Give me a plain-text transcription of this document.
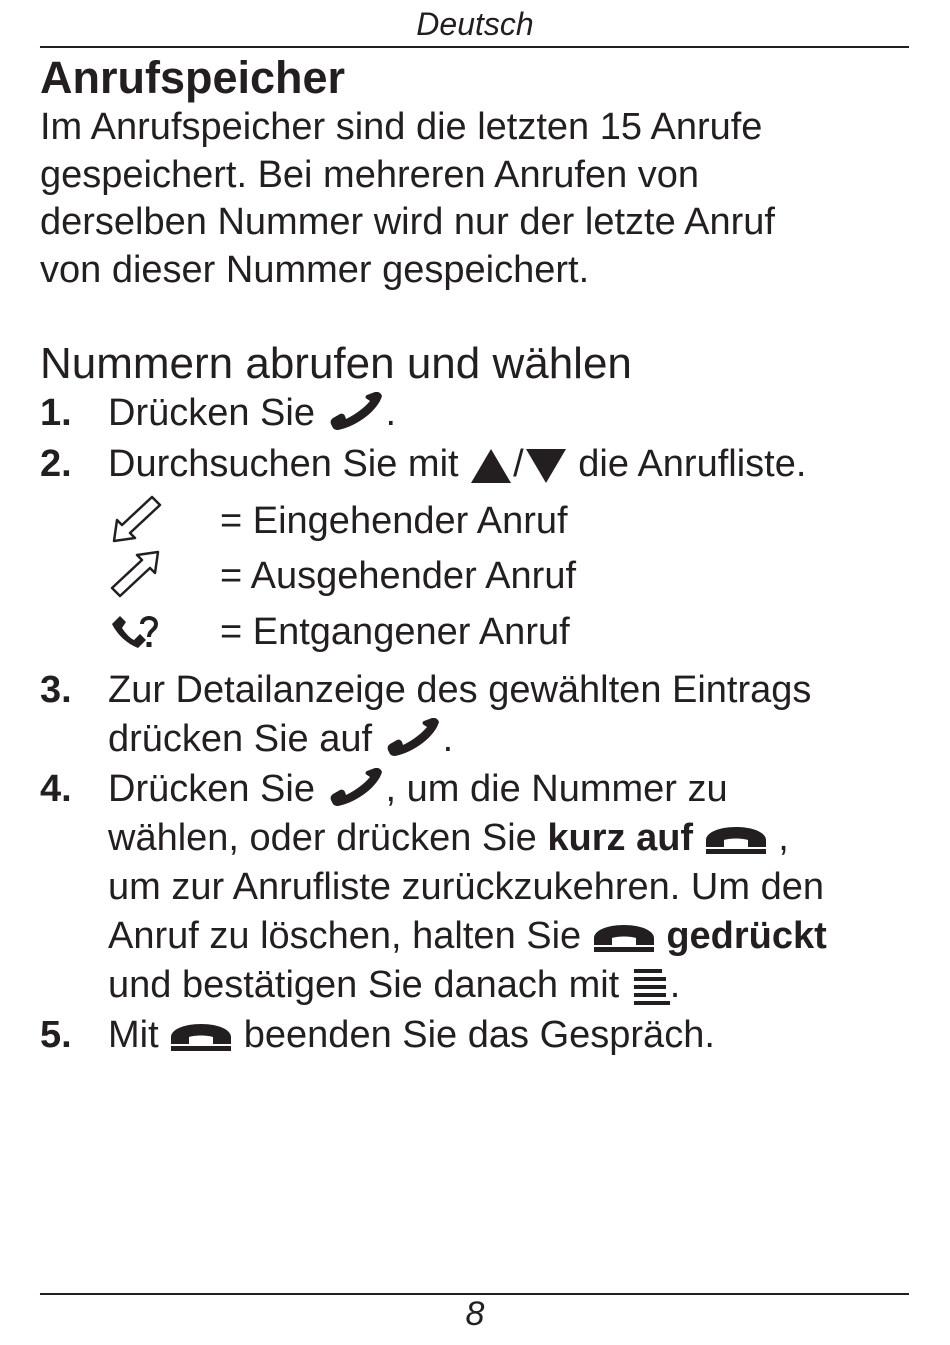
Deutsch
Anrufspeicher

Im Anrufspeicher sind die letzten 15 Anrufe
gespeichert. Bei mehreren Anrufen von
derselben Nummer wird nur der letzte Anruf
von dieser Nummer gespeichert.

Nummern abrufen und wählen
1. Drücken Sie .
2. Durchsuchen Sie mit / die Anrufliste.
= Eingehender Anruf
= Ausgehender Anruf
= Entgangener Anruf
3. Zur Detailanzeige des gewählten Eintrags
drücken Sie auf .
4. Drücken Sie , um die Nummer zu
wählen, oder drücken Sie kurz auf  ,
um zur Anrufliste zurückzukehren. Um den
Anruf zu löschen, halten Sie  gedrückt
und bestätigen Sie danach mit .
5. Mit  beenden Sie das Gespräch.
8
